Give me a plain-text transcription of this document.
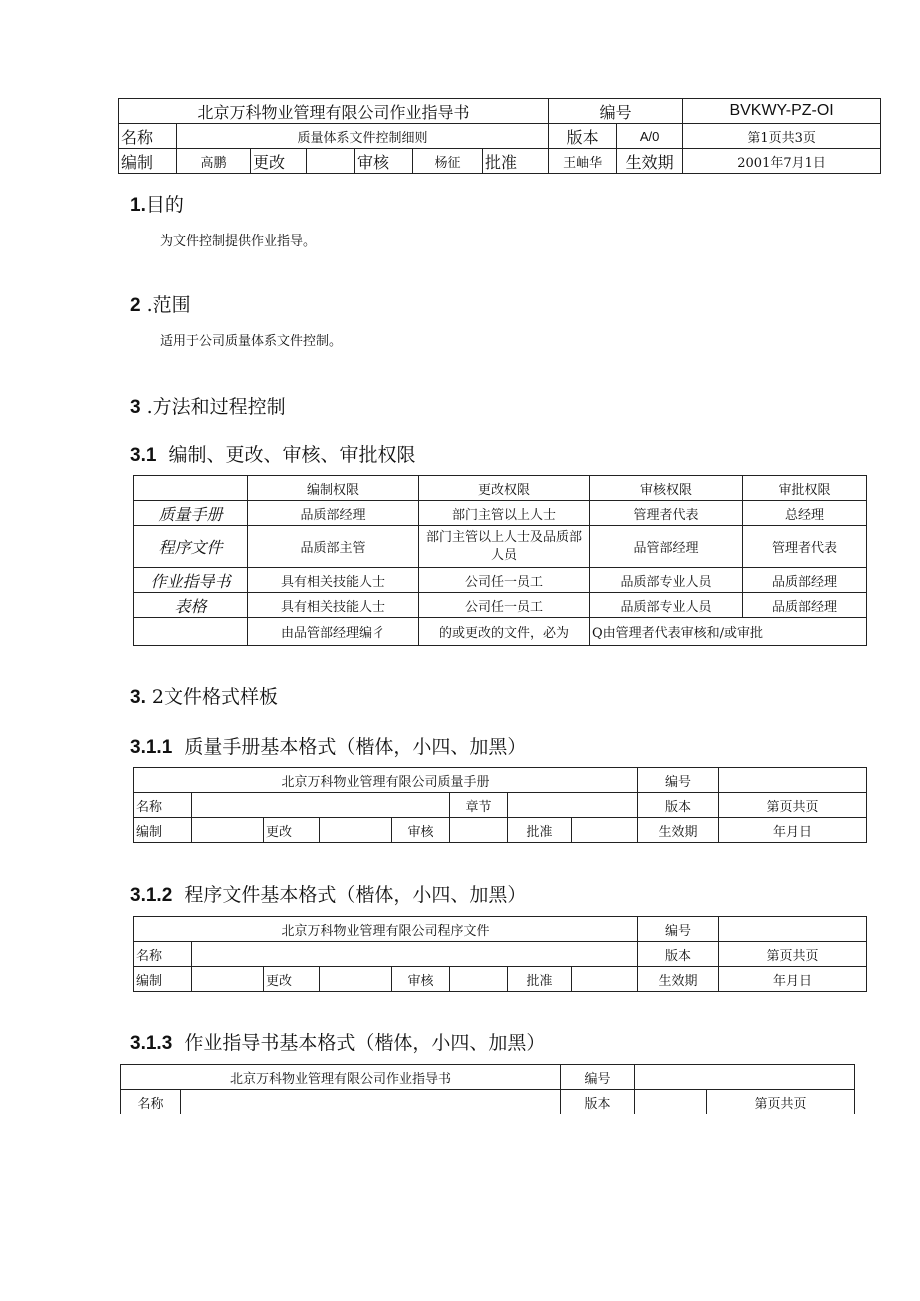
北京万科物业管理有限公司作业指导书							编号		BVKWY-PZ-OI
名称	质量体系文件控制细则						版本	A/0	第1页共3页
编制	高鹏	更改		审核	杨征	批准	王岫华	生效期	2001年7月1日
1.目的

为文件控制提供作业指导。

2 .范围

适用于公司质量体系文件控制。

3 .方法和过程控制
3.1 编制、更改、审核、审批权限
	编制权限	更改权限	审核权限	审批权限
质量手册	品质部经理	部门主管以上人士	管理者代表	总经理
程序文件	品质部主管	部门主管以上人士及品质部人员	品管部经理	管理者代表
作业指导书	具有相关技能人士	公司任一员工	品质部专业人员	品质部经理
表格	具有相关技能人士	公司任一员工	品质部专业人员	品质部经理
	由品管部经理编彳	的或更改的文件，必为	Q由管理者代表审核和/或审批	
3. 2文件格式样板
3.1.1 质量手册基本格式（楷体，小四、加黑）
北京万科物业管理有限公司质量手册								编号	
名称					章节			版本	第页共页
编制		更改		审核		批准		生效期	年月日
3.1.2 程序文件基本格式（楷体，小四、加黑）
北京万科物业管理有限公司程序文件								编号	
名称								版本	第页共页
编制		更改		审核		批准		生效期	年月日
3.1.3 作业指导书基本格式（楷体，小四、加黑）
北京万科物业管理有限公司作业指导书		编号		
名称		版本		第页共页
